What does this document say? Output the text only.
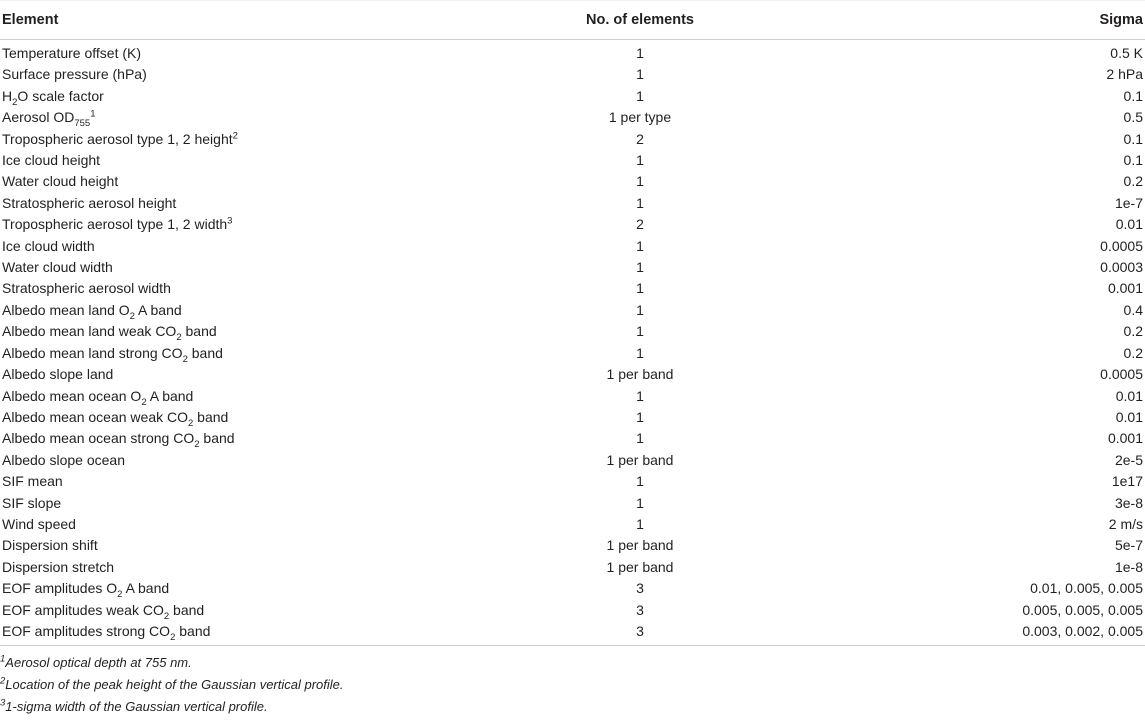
Element	No. of elements	Sigma
Temperature offset (K)	1	0.5 K
Surface pressure (hPa)	1	2 hPa
$H_2O$ scale factor	1	0.1
Aerosol $OD_{755}^1$	1 per type	0.5
Tropospheric aerosol type 1, 2 height$^2$	2	0.1
Ice cloud height	1	0.1
Water cloud height	1	0.2
Stratospheric aerosol height	1	1e-7
Tropospheric aerosol type 1, 2 width$^3$	2	0.01
Ice cloud width	1	0.0005
Water cloud width	1	0.0003
Stratospheric aerosol width	1	0.001
Albedo mean land $O_2$ A band	1	0.4
Albedo mean land weak $CO_2$ band	1	0.2
Albedo mean land strong $CO_2$ band	1	0.2
Albedo slope land	1 per band	0.0005
Albedo mean ocean $O_2$ A band	1	0.01
Albedo mean ocean weak $CO_2$ band	1	0.01
Albedo mean ocean strong $CO_2$ band	1	0.001
Albedo slope ocean	1 per band	2e-5
SIF mean	1	1e17
SIF slope	1	3e-8
Wind speed	1	2 m/s
Dispersion shift	1 per band	5e-7
Dispersion stretch	1 per band	1e-8
EOF amplitudes $O_2$ A band	3	0.01, 0.005, 0.005
EOF amplitudes weak $CO_2$ band	3	0.005, 0.005, 0.005
EOF amplitudes strong $CO_2$ band	3	0.003, 0.002, 0.005
$^1$Aerosol optical depth at 755 nm.
$^2$Location of the peak height of the Gaussian vertical profile.
$^3$1-sigma width of the Gaussian vertical profile.
